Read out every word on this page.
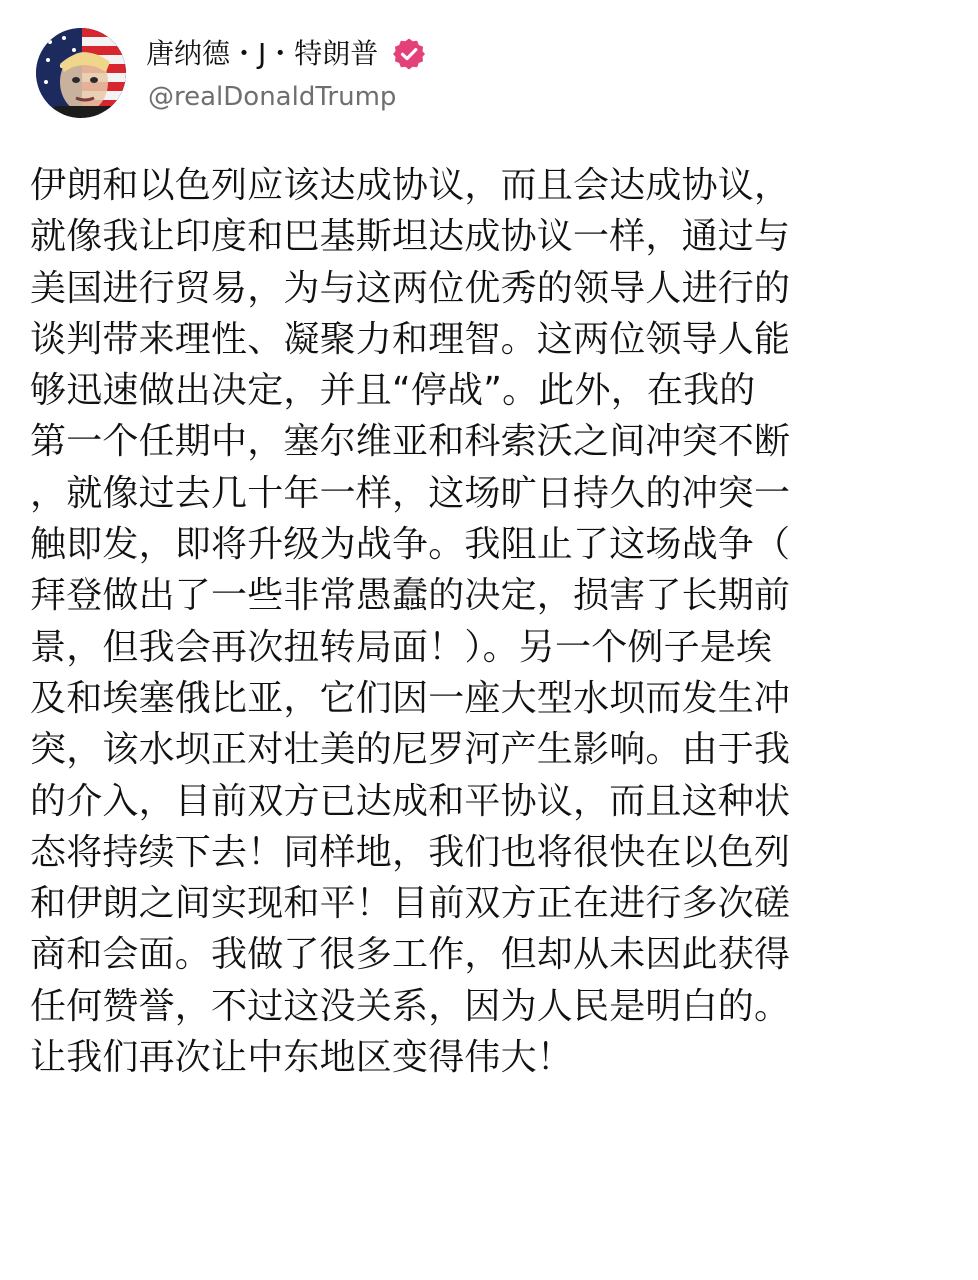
唐纳德・J・特朗普
@realDonaldTrump

伊朗和以色列应该达成协议，而且会达成协议，
就像我让印度和巴基斯坦达成协议一样，通过与
美国进行贸易，为与这两位优秀的领导人进行的
谈判带来理性、凝聚力和理智。这两位领导人能
够迅速做出决定，并且“停战”。此外，在我的
第一个任期中，塞尔维亚和科索沃之间冲突不断
，就像过去几十年一样，这场旷日持久的冲突一
触即发，即将升级为战争。我阻止了这场战争（
拜登做出了一些非常愚蠢的决定，损害了长期前
景，但我会再次扭转局面！）。另一个例子是埃
及和埃塞俄比亚，它们因一座大型水坝而发生冲
突，该水坝正对壮美的尼罗河产生影响。由于我
的介入，目前双方已达成和平协议，而且这种状
态将持续下去！同样地，我们也将很快在以色列
和伊朗之间实现和平！目前双方正在进行多次磋
商和会面。我做了很多工作，但却从未因此获得
任何赞誉，不过这没关系，因为人民是明白的。
让我们再次让中东地区变得伟大！
